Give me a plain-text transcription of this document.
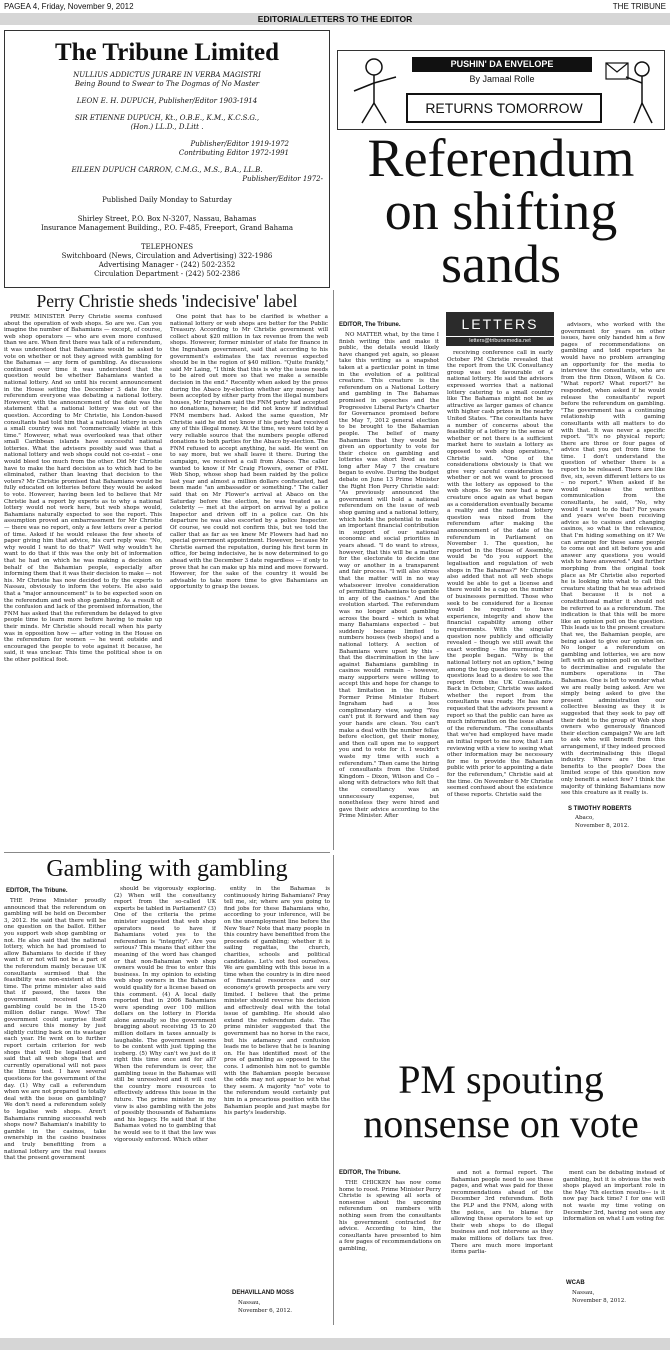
PAGEA 4, Friday, November 9, 2012	THE TRIBUNE
EDITORIAL/LETTERS TO THE EDITOR
The Tribune Limited
NULLIUS ADDICTUS JURARE IN VERBA MAGISTRI
Being Bound to Swear to The Dogmas of No Master
LEON E. H. DUPUCH, Publisher/Editor 1903-1914
SIR ETIENNE DUPUCH, Kt., O.B.E., K.M., K.C.S.G.,
(Hon.) LL.D., D.Litt .
Publisher/Editor 1919-1972
Contributing Editor 1972-1991
EILEEN DUPUCH CARRON, C.M.G., M.S., B.A., LL.B.
Publisher/Editor 1972-
Published Daily Monday to Saturday
Shirley Street, P.O. Box N-3207, Nassau, Bahamas
Insurance Management Building., P.O. F-485, Freeport, Grand Bahama
TELEPHONES
Switchboard (News, Circulation and Advertising) 322-1986
Advertising Manager - (242) 502-2352
Circulation Department - (242) 502-2386
PUSHIN' DA ENVELOPE
By Jamaal Rolle
RETURNS TOMORROW
Referendum
on shifting
sands
Perry Christie sheds 'indecisive' label

PRIME MINISTER Perry Christie seems confused about the operation of web shops. So are we. Can you imagine the number of Bahamians — except, of course, web shop operators — who are even more confused than we are. When first there was talk of a referendum, it was understood that Bahamians would be asked to vote on whether or not they agreed with gambling for the Bahamas — any form of gambling. As discussions continued over time it was understood that the question would be whether Bahamians wanted a national lottery. And so until his recent announcement in the House setting the December 3 date for the referendum everyone was debating a national lottery. However, with the announcement of the date was the statement that a national lottery was out of the question. According to Mr Christie, his London-based consultants had told him that a national lottery in such a small country was not "commercially viable at this time." However, what was overlooked was that other small Caribbean islands have successful national lotteries. What the advisers possibly said was that a national lottery and web shops could not co-exist – one would bleed too much from the other. Did Mr Christie have to make the hard decision as to which had to be eliminated, rather than leaving that decision to the voters? Mr Christie promised that Bahamians would be fully educated on lotteries before they would be asked to vote. However, having been led to believe that Mr Christie had a report by experts as to why a national lottery would not work here, but web shops would, Bahamians naturally expected to see the report. This assumption proved an embarrassment for Mr Christie — there was no report, only a few letters over a period of time. Asked if he would release the few sheets of paper giving him that advice, his curt reply was: "No, why would I want to do that?" Well why wouldn't he want to do that if this was the only bit of information that he had on which he was making a decision on behalf of the Bahamian people, especially after informing them that it was their decision to make — not his. Mr Christie has now decided to fly the experts to Nassau, obviously to inform the voters. He also said that a "major announcement" is to be expected soon on the referendum and web shop gambling. As a result of the confusion and lack of the promised information, the FNM has asked that the referendum be delayed to give people time to learn more before having to make up their minds. Mr Christie should recall when his party was in opposition how — after voting in the House on the referendum for women — he went outside and encouraged the people to vote against it because, he said, it was unclear. This time the political shoe is on the other political foot.

One point that has to be clarified is whether a national lottery or web shops are better for the Public Treasury. According to Mr Christie government will collect about $20 million in tax revenue from the web shops. However, former minister of state for finance in the Ingraham government, said that according to his government's estimates the tax revenue expected should be in the region of $40 million. "Quite frankly," said Mr Laing, "I think that this is why the issue needs to be aired out more so that we make a sensible decision in the end." Recently when asked by the press during the Abaco by-election whether any money had been accepted by either party from the illegal numbers houses, Mr Ingraham said the FNM party had accepted no donations, however, he did not know if individual FNM members had. Asked the same question, Mr Christie said he did not know if his party had received any of this illegal money. At the time, we were told by a very reliable source that the numbers people offered donations to both parties for the Abaco by-election. The FNM refused to accept anything, he said. He went on to say more, but we shall leave it there. During the campaign, we received a call from Abaco. The caller wanted to know if Mr Craig Flowers, owner of FML Web Shop, whose shop had been raided by the police last year and almost a million dollars confiscated, had been made "an ambassador or something." The caller said that on Mr Flower's arrival at Abaco on the Saturday before the election, he was treated as a celebrity — met at the airport on arrival by a police Inspector and driven off in a police car. On his departure he was also escorted by a police Inspector. Of course, we could not confirm this, but we told the caller that as far as we knew Mr Flowers had had no special government appointment. However, because Mr Christie earned the reputation, during his first term in office, for being indecisive, he is now determined to go ahead with the December 3 date regardless — if only to prove that he can make up his mind and move forward. However, for the sake of the country it would be advisable to take more time to give Bahamians an opportunity to grasp the issues.

EDITOR, The Tribune.

NO MATTER what, by the time I finish writing this and make it public, the details would likely have changed yet again, so please take this writing as a snapshot taken at a particular point in time in the evolution of a political creature. This creature is the referendum on a National Lottery and gambling in The Bahamas promised in speeches and the Progressive Liberal Party's Charter for Governance promised before the May 7, 2012 general election to be brought to the Bahamian people. The belief of many Bahamians that they would be given an opportunity to vote for their choice on gambling and lotteries was short lived as not long after May 7 the creature began to evolve. During the budget debate on June 13 Prime Minister the Right Hon Perry Christie said: "As previously announced the government will hold a national referendum on the issue of web shop gaming and a national lottery, which holds the potential to make an important financial contribution in support of our national economic and social priorities in years ahead. "I do want to stress, however, that this will be a matter for the electorate to decide one way or another in a transparent and fair process. "I will also stress that the matter will in no way whatsoever involve consideration of permitting Bahamians to gamble in any of the casinos." And the evolution started. The referendum was no longer about gambling across the board – which is what many Bahamians expected – but suddenly became limited to numbers houses (web shops) and a national lottery. A section of Bahamians were upset by this – that the discrimination in the law against Bahamians gambling in casinos would remain – however, many supporters were willing to accept this and hope for change to that limitation in the future. Former Prime Minister Hubert Ingraham had a less complimentary view, saying "You can't put it forward and then say your hands are clean. You can't make a deal with the number fellas before election, get their money, and then call upon me to support you and to vote for it. I wouldn't waste my time with such a referendum." Then came the hiring of consultants from the United Kingdom – Dixon, Wilson and Co – along with detractors who felt that the consultancy was an unnecessary expense, but nonetheless they were hired and gave their advice according to the Prime Minister. After

LETTERS
letters@tribunemedia.net

receiving conference call in early October PM Christie revealed that the report from the UK Consultancy group was not favourable of a national lottery. He said the advisors expressed worries that a national lottery catering to a small country like The Bahamas might not be as attractive as larger games of chance with higher cash prizes in the nearby United States. "The consultants have a number of concerns about the feasibility of a lottery in the sense of whether or not there is a sufficient market here to sustain a lottery as opposed to web shop operations," Christie said. "One of the considerations obviously is that we give very careful consideration to whether or not we want to proceed with the lottery as opposed to the web shops. So we now had a new creature once again as what began as a consideration eventually became a reality and the national lottery question was nixed from the referendum after making the announcement of the date of the referendum in Parliament on November 1. The question, he reported in the House of Assembly, would be "do you support the legalisation and regulation of web shops in The Bahamas?" Mr Christie also added that not all web shops would be able to get a license and there would be a cap on the number of businesses permitted. Those who seek to be considered for a license would be required to have experience, integrity and show the financial capability among other requirements. With the singular question now publicly and officially revealed – though we still await the exact wording – the murmuring of the people began. "Why is the national lottery not an option," being among the top questions voiced. The questions lead to a desire to see the report from the UK Consultants. Back in October, Christie was asked whether the report from the consultants was ready. He has now requested that the advisors present a report so that the public can have as much information on the issue ahead of the referendum. "The consultants that we've had employed have made an initial report to me now, that I am reviewing with a view to seeing what other information may be necessary for me to provide the Bahamian public with prior to appointing a date for the referendum," Christie said at the time. On November 6 Mr Christie seemed confused about the existence of these reports. Christie said the

advisors, who worked with the government for years on other issues, have only handed him a few pages of recommendations on gambling and told reporters he would have no problem arranging an opportunity for the media to interview the consultants, who are from the firm Dixon, Wilson & Co. "What report? What report?" he responded, when asked if he would release the consultants' report before the referendum on gambling. "The government has a continuing relationship with gaming consultants with all matters to do with that. It was never a specific report. "It's no physical report; there are three or four pages of advice that you get from time to time. I don't understand the question of whether there is a report to be released. There are like five, six, seven different letters to us – no report." When asked if he would release the written communication from the consultants, he said, "No, why would I want to do that? For years and years we've been receiving advice as to casinos and changing casinos, so what is the relevance, that I'm hiding something on it? We can arrange for these same people to come out and sit before you and answer any questions you would wish to have answered." And further morphing from the original took place as Mr Christie also reported he is looking into what to call this creature stating that he was advised that because it is not a constitutional matter it should not be referred to as a referendum. The indication is that this will be more like an opinion poll on the question. This leads us to the present creature that we, the Bahamian people, are being asked to give our opinion on. No longer a referendum on gambling and lotteries, we are now left with an opinion poll on whether to decriminalise and regulate the numbers operations in The Bahamas. One is left to wonder what we are really being asked. Are we simply being asked to give the present administration our collective blessing as they it is suggested that they seek to pay off their debt to the group of Web shop owners who generously financed their election campaign? We are left to ask who will benefit from this arrangement, if they indeed proceed with decriminalising this illegal industry. Where are the true benefits to the people? Does the limited scope of this question now only benefit a select few? I think the majority of thinking Bahamians now see this creature as it really is.

S TIMOTHY ROBERTS
Abaco,
November 8, 2012.
Gambling with gambling
EDITOR, The Tribune.

THE Prime Minister proudly announced that the referendum on gambling will be held on December 3, 2012. He said that there will be one question on the ballot. Either you support web shop gambling or not. He also said that the national lottery, which he had promised to allow Bahamians to decide if they want it or not will not be a part of the referendum mainly because UK consultants surmised that the feasibility was non-existent at this time. The prime minister also said that if passed, the taxes the government received from gambling could be in the 15-20 million dollar range. Wow! The government could surprise itself and secure this money by just slightly cutting back on its wastage each year. He went on to further report certain criterion for web shops that will be legalised and said that all web shops that are currently operational will not pass the litmus test. I have several questions for the government of the day. (1) Why call a referendum when we are not prepared to totally deal with the issue on gambling? We don't need a referendum solely to legalise web shops. Aren't Bahamians running successful web shops now? Bahamian's inability to gamble in the casinos, take ownership in the casino business and truly benefitting from a national lottery are the real issues that the present government

should be vigorously exploring. (2) When will the consultancy report from the so-called UK experts be tabled in Parliament? (3) One of the criteria the prime minister suggested that web shop operators need to have if Bahamians voted yes to the referendum is "integrity". Are you serious? This means that either the meaning of the word has changed or that non-Bahamian web shop owners would be free to enter this business. In my opinion to existing web shop owners in the Bahamas would qualify for a license based on this comment. (4) A local daily reported that in 2006 Bahamians were spending over 100 million dollars on the lottery in Florida alone annually so the government bragging about receiving 15 to 20 million dollars in taxes annually is laughable. The government seems to be content with just tipping the iceberg. (5) Why can't we just do it right this time once and for all? When the referendum is over, the gambling issue in the Bahamas will still be unresolved and it will cost the country more resources to effectively address this issue in the future. The prime minister in my view is also gambling with the jobs of possibly thousands of Bahamians and his legacy. He said that if the Bahamas voted no to gambling that he would see to it that the law was vigorously enforced. Which other

entity in the Bahamas is continuously hiring Bahamians? Pray tell me, sir, where are you going to find jobs for these Bahamians who, according to your inference, will be on the unemployment line before the New Year? Note that many people in this country have benefitted from the proceeds of gambling; whether it is sailing regattas, the church, charities, schools and political candidates. Let's not fool ourselves. We are gambling with this issue in a time when the country is in dire need of financial resources and our economy's growth prospects are very limited. I believe that the prime minister should reverse his decision and effectively deal with the total issue of gambling. He should also extend the referendum date. The prime minister suggested that the government has no horse in the race, but his adamancy and confusion leads me to believe that he is leaning on. He has identified most of the pros of gambling as opposed to the cons. I admonish him not to gamble with the Bahamian people because the odds may not appear to be what they seem. A majority "no" vote to the referendum would certainly put him in a precarious position with the Bahamian people and just maybe for his party's leadership.

DEHAVILLAND MOSS
Nassau,
November 6, 2012.
PM spouting
nonsense on vote
EDITOR, The Tribune.

THE CHICKEN has now come home to roost. Prime Minister Perry Christie is spewing all sorts of nonsense about the upcoming referendum on numbers with nothing seen from the consultants his government contracted for advice. According to him, the consultants have presented to him a few pages of recommendations on gambling,

and not a formal report. The Bahamian people need to see these pages, and what was paid for these recommendations ahead of the December 3rd referendum. Both the PLP and the FNM, along with the police, are to blame for allowing these operators to set up their web shops to do illegal business and not intervene as they make millions of dollars tax free. There are much more important items parlia-

ment can be debating instead of gambling, but it is obvious the web shops played an important role in the May 7th election results— is it now pay back time? I for one will not waste my time voting on December 3rd, having not seen any information on what I am voting for.

WCAB
Nassau,
November 8, 2012.
